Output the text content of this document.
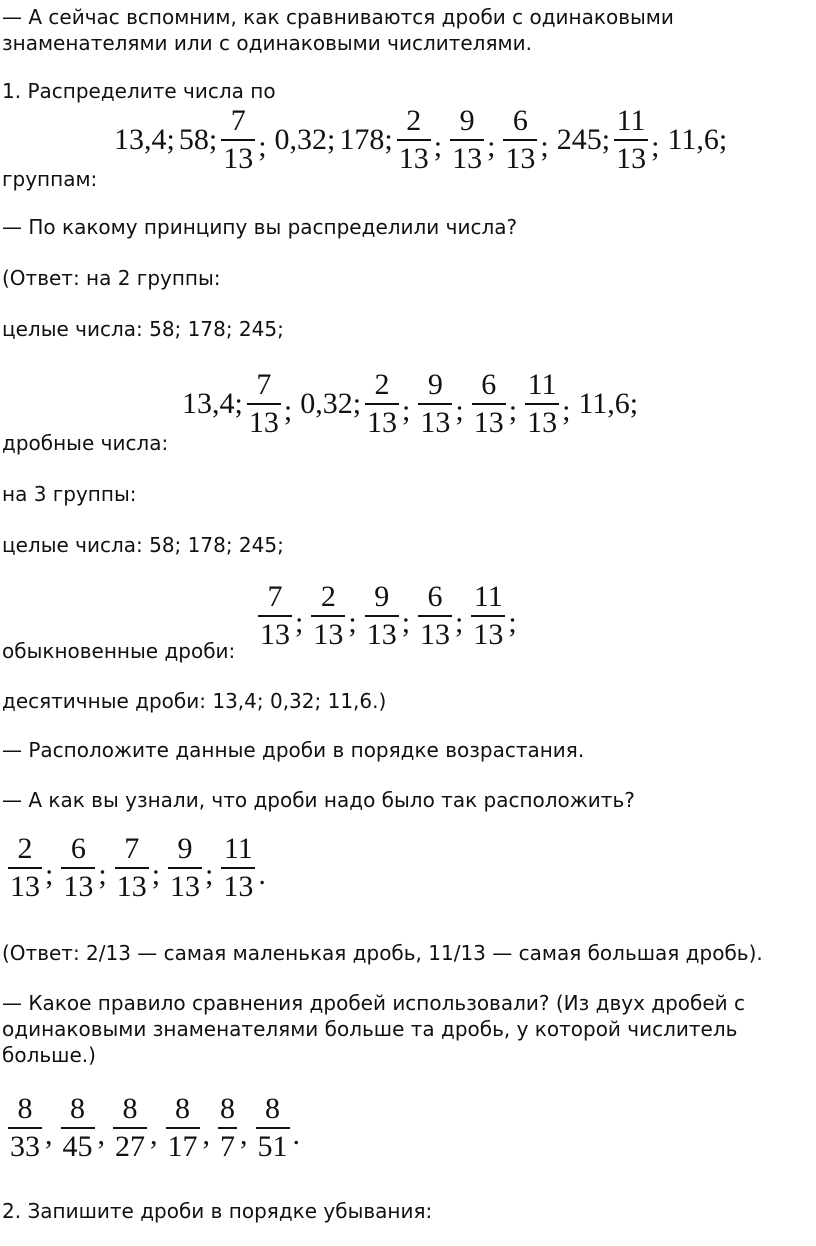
— А сейчас вспомним, как сравниваются дроби с одинаковыми

знаменателями или с одинаковыми числителями.

1. Распределите числа по

13,4; 58; $\frac{7}{13}$ ; 0,32; 178; $\frac{2}{13}$ ; $\frac{9}{13}$ ; $\frac{6}{13}$ ; 245; $\frac{11}{13}$ ; 11,6;

группам:

— По какому принципу вы распределили числа?

(Ответ: на 2 группы:

целые числа: 58; 178; 245;

13,4; $\frac{7}{13}$ ; 0,32; $\frac{2}{13}$ ; $\frac{9}{13}$ ; $\frac{6}{13}$ ; $\frac{11}{13}$ ; 11,6;

дробные числа:

на 3 группы:

целые числа: 58; 178; 245;

$\frac{7}{13}$ ; $\frac{2}{13}$ ; $\frac{9}{13}$ ; $\frac{6}{13}$ ; $\frac{11}{13}$ ;

обыкновенные дроби:

десятичные дроби: 13,4; 0,32; 11,6.)

— Расположите данные дроби в порядке возрастания.

— А как вы узнали, что дроби надо было так расположить?

$\frac{2}{13}$ ; $\frac{6}{13}$ ; $\frac{7}{13}$ ; $\frac{9}{13}$ ; $\frac{11}{13}$ .

(Ответ: 2/13 — самая маленькая дробь, 11/13 — самая большая дробь).

— Какое правило сравнения дробей использовали? (Из двух дробей с

одинаковыми знаменателями больше та дробь, у которой числитель

больше.)

$\frac{8}{33}$ , $\frac{8}{45}$ , $\frac{8}{27}$ , $\frac{8}{17}$ , $\frac{8}{7}$ , $\frac{8}{51}$ .

2. Запишите дроби в порядке убывания:
